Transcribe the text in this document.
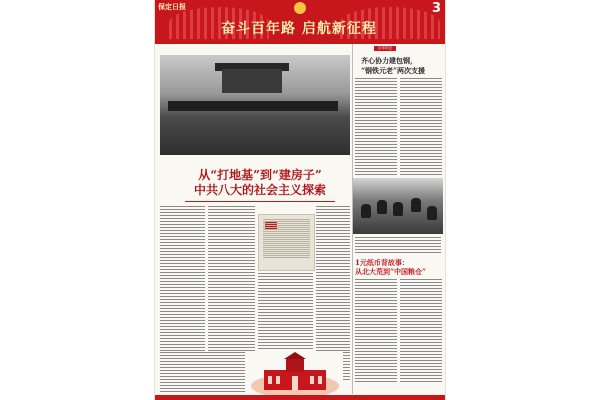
保定日报	3
奋斗百年路 启航新征程
从“打地基”到“建房子”
中共八大的社会主义探索
百年印记
齐心协力建包钢，
“钢铁元老”两次支援
1元纸币背故事：
从北大荒到“中国粮仓”
